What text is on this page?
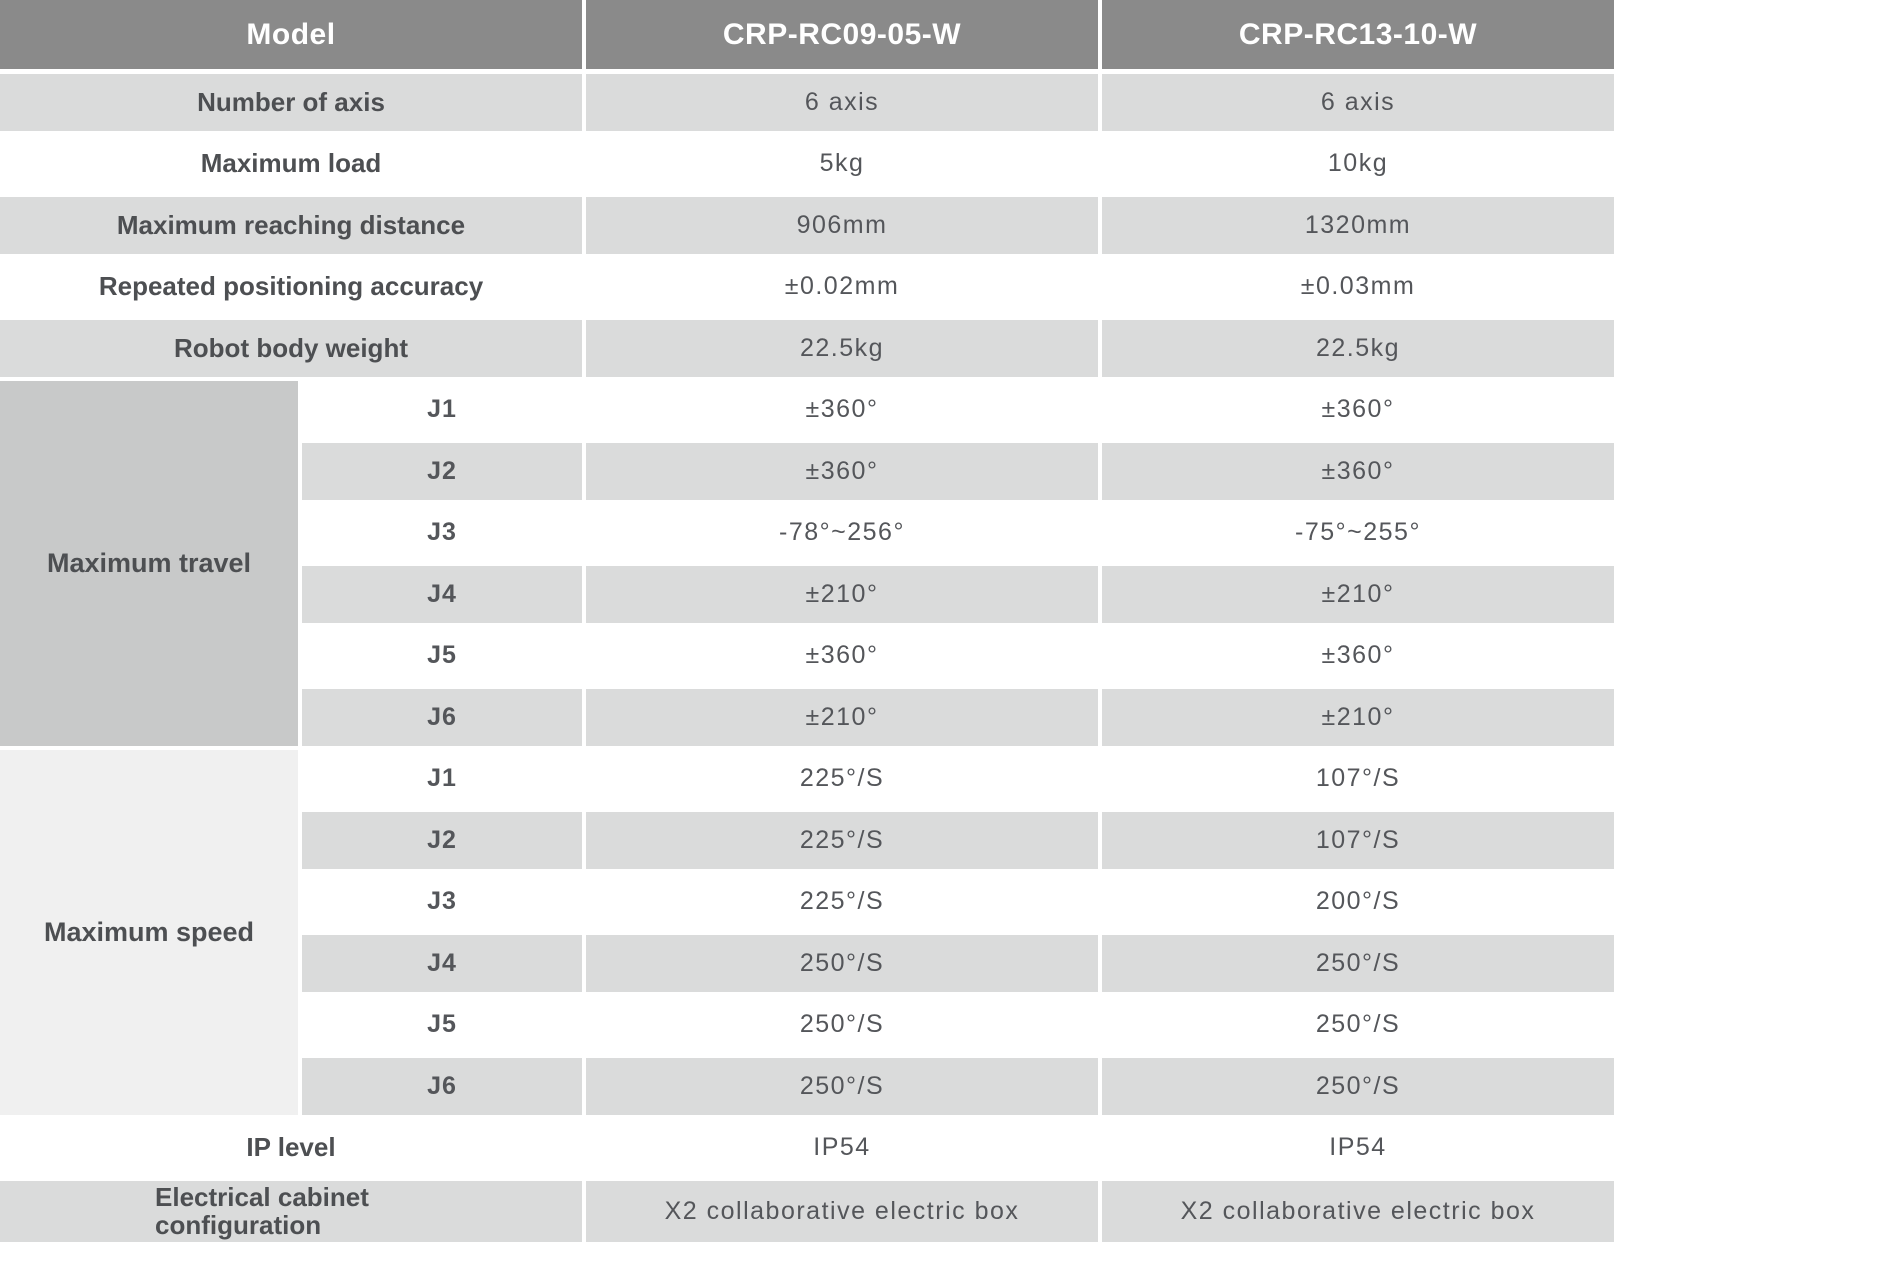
Model	CRP-RC09-05-W	CRP-RC13-10-W
Number of axis	6 axis	6 axis
Maximum load	5kg	10kg
Maximum reaching distance	906mm	1320mm
Repeated positioning accuracy	±0.02mm	±0.03mm
Robot body weight	22.5kg	22.5kg
Maximum travel
J1	±360°	±360°
J2	±360°	±360°
J3	-78°~256°	-75°~255°
J4	±210°	±210°
J5	±360°	±360°
J6	±210°	±210°
Maximum speed
J1	225°/S	107°/S
J2	225°/S	107°/S
J3	225°/S	200°/S
J4	250°/S	250°/S
J5	250°/S	250°/S
J6	250°/S	250°/S
IP level	IP54	IP54
Electrical cabinet configuration	X2 collaborative electric box	X2 collaborative electric box
